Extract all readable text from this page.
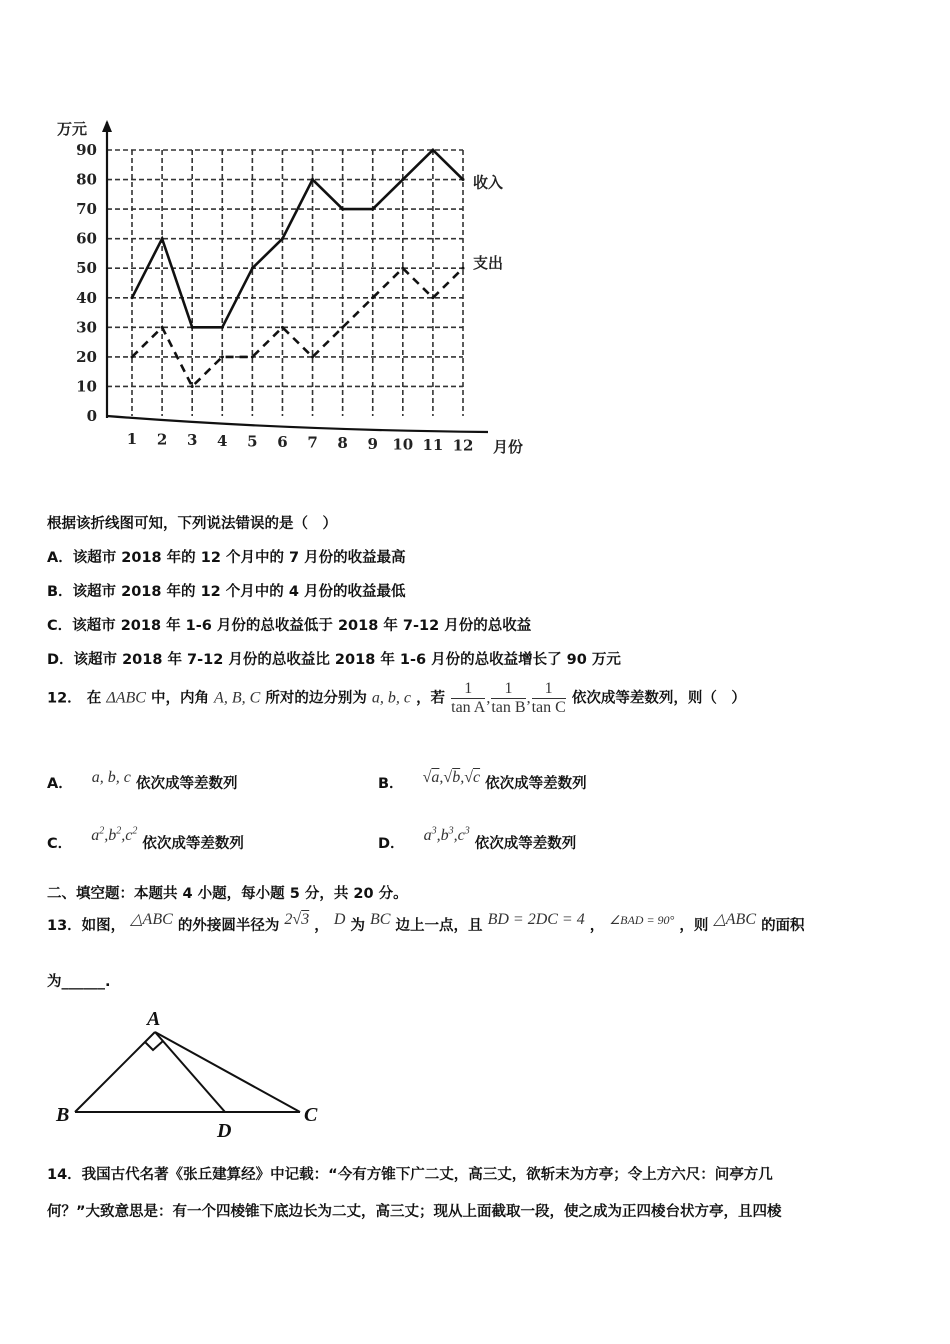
0
10
20
30
40
50
60
70
80
90
1 2 3 4 5 6 7 8 9 10 11 12
万元
月份
收入
支出
根据该折线图可知，下列说法错误的是（　）
A．该超市 2018 年的 12 个月中的 7 月份的收益最高
B．该超市 2018 年的 12 个月中的 4 月份的收益最低
C．该超市 2018 年 1-6 月份的总收益低于 2018 年 7-12 月份的总收益
D．该超市 2018 年 7-12 月份的总收益比 2018 年 1-6 月份的总收益增长了 90 万元
12． 在 ΔABC 中，内角 A, B, C 所对的边分别为 a, b, c ，若 $\frac{1}{\text{tan A}}$ , $\frac{1}{\text{tan B}}$ , $\frac{1}{\text{tan C}}$ 依次成等差数列，则（　）
A． a, b, c 依次成等差数列	B． √a,√b,√c 依次成等差数列
C． $a^2,b^2,c^2$ 依次成等差数列	D． $a^3,b^3,c^3$ 依次成等差数列
二、填空题：本题共 4 小题，每小题 5 分，共 20 分。
13．如图， △ABC 的外接圆半径为 2√3 ， D 为 BC 边上一点，且 BD = 2DC = 4 ， $^{\angle BAD = 90^\circ}$ ，则 △ABC 的面积
为______.
A
B	C
D
14．我国古代名著《张丘建算经》中记载：“今有方锥下广二丈，高三丈，欲斩末为方亭；令上方六尺：问亭方几
何？”大致意思是：有一个四棱锥下底边长为二丈，高三丈；现从上面截取一段，使之成为正四棱台状方亭，且四棱
